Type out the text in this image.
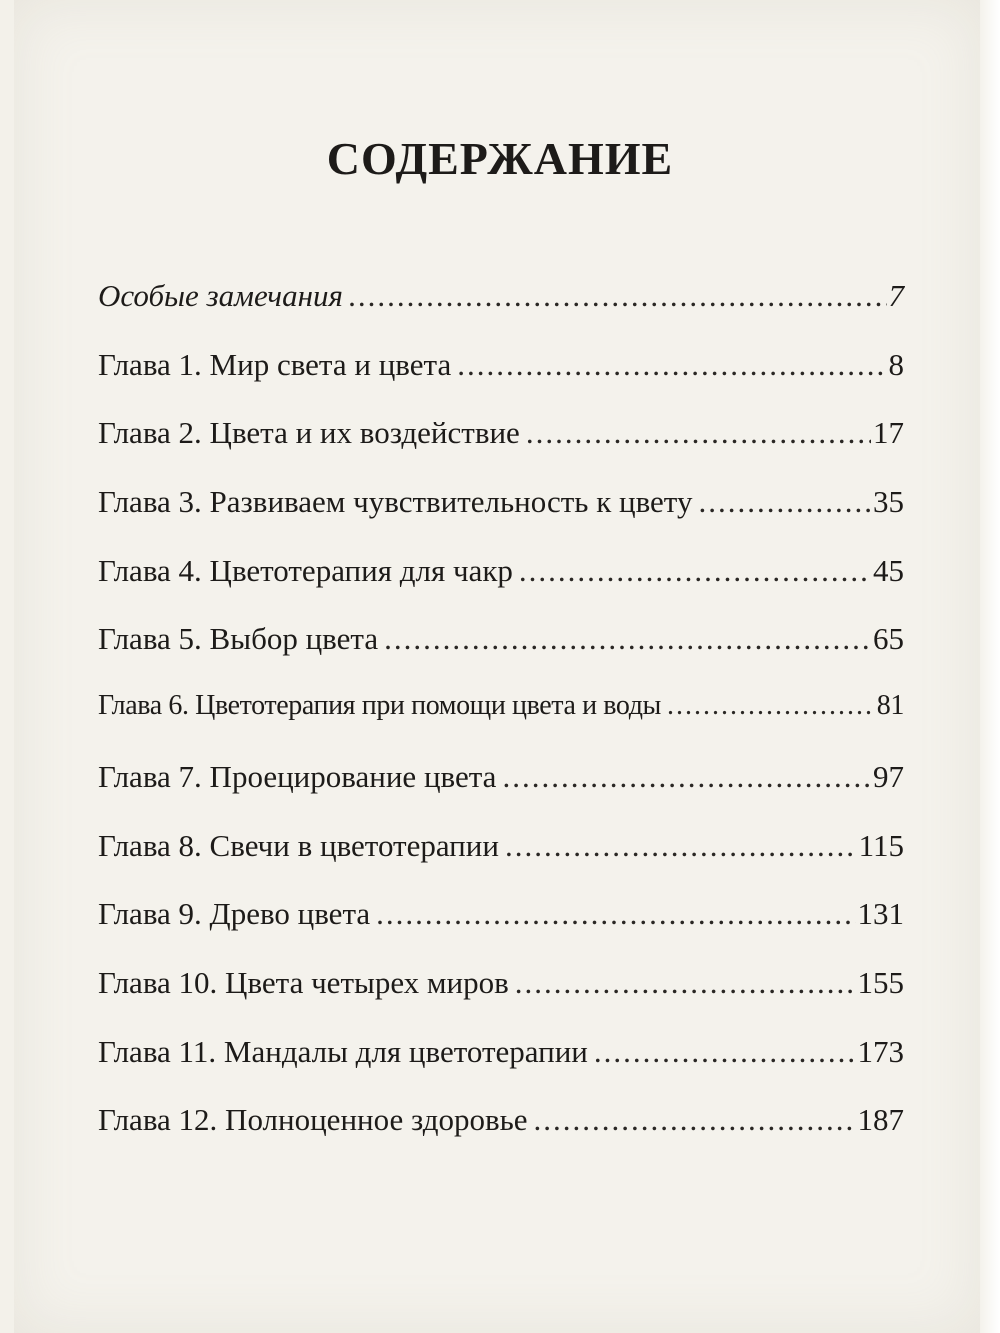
СОДЕРЖАНИЕ
Особые замечания .....	7
Глава 1. Мир света и цвета .....	8
Глава 2. Цвета и их воздействие .....	17
Глава 3. Развиваем чувствительность к цвету .....	35
Глава 4. Цветотерапия для чакр .....	45
Глава 5. Выбор цвета .....	65
Глава 6. Цветотерапия при помощи цвета и воды .....	81
Глава 7. Проецирование цвета .....	97
Глава 8. Свечи в цветотерапии .....	115
Глава 9. Древо цвета .....	131
Глава 10. Цвета четырех миров .....	155
Глава 11. Мандалы для цветотерапии .....	173
Глава 12. Полноценное здоровье .....	187
